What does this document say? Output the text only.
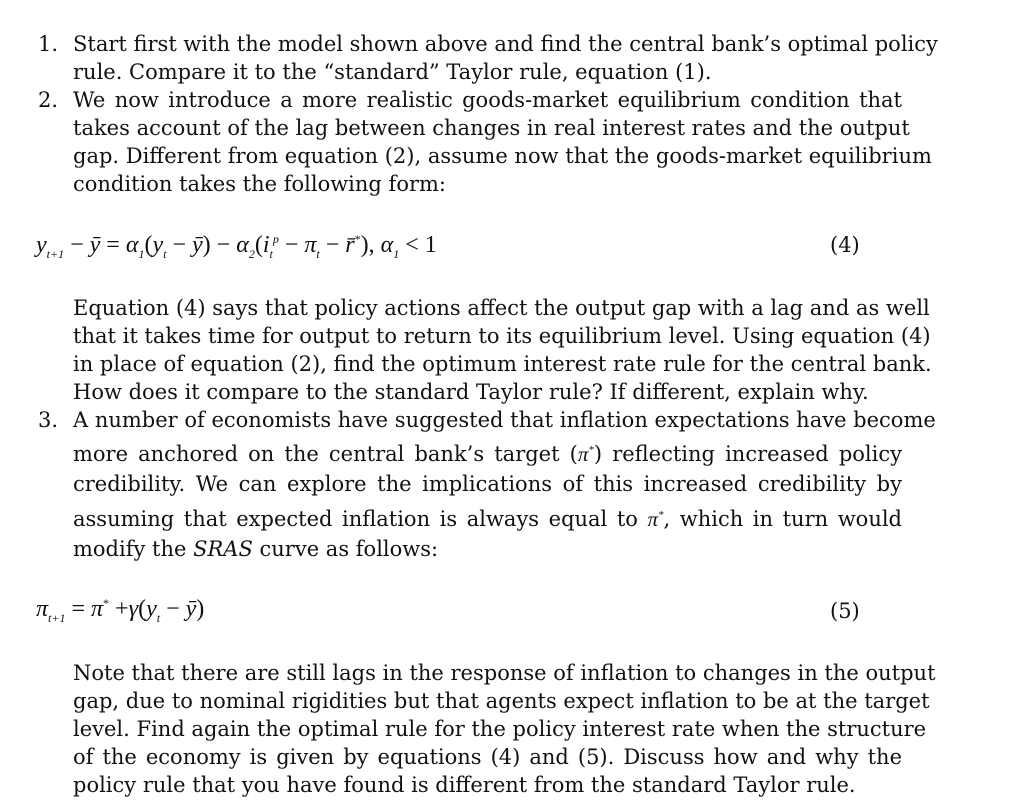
1. Start first with the model shown above and find the central bank’s optimal policy
rule. Compare it to the “standard” Taylor rule, equation (1).
2. We now introduce a more realistic goods-market equilibrium condition that
takes account of the lag between changes in real interest rates and the output
gap. Different from equation (2), assume now that the goods-market equilibrium
condition takes the following form:
$y_{t+1}$ − ȳ = $\alpha_1(y_t$ − ȳ) − $\alpha_2(i_t^p - \pi_t$ − r̄*), $\alpha_1 < 1$	(4)
Equation (4) says that policy actions affect the output gap with a lag and as well
that it takes time for output to return to its equilibrium level. Using equation (4)
in place of equation (2), find the optimum interest rate rule for the central bank.
How does it compare to the standard Taylor rule? If different, explain why.
3. A number of economists have suggested that inflation expectations have become
more anchored on the central bank’s target (π*) reflecting increased policy
credibility. We can explore the implications of this increased credibility by
assuming that expected inflation is always equal to π*, which in turn would
modify the SRAS curve as follows:
$\pi_{t+1} = \pi^* +\gamma(y_t$ − ȳ)	(5)
Note that there are still lags in the response of inflation to changes in the output
gap, due to nominal rigidities but that agents expect inflation to be at the target
level. Find again the optimal rule for the policy interest rate when the structure
of the economy is given by equations (4) and (5). Discuss how and why the
policy rule that you have found is different from the standard Taylor rule.
